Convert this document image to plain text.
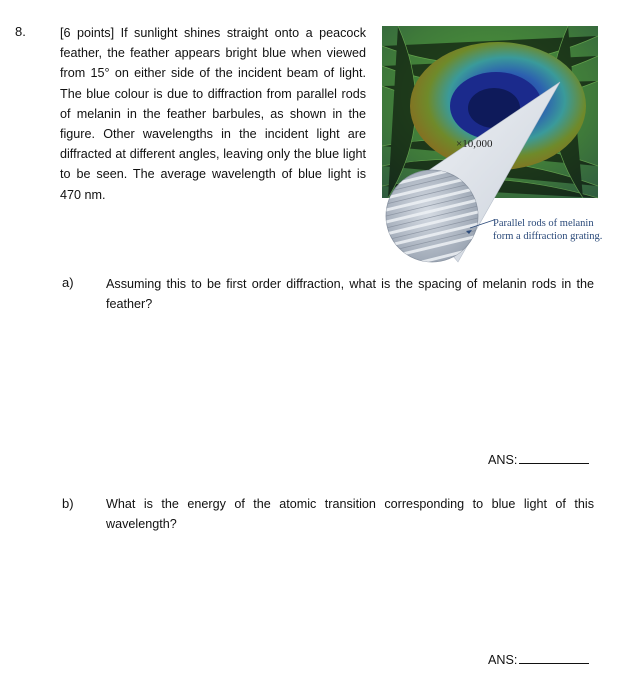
8.	[6 points] If sunlight shines straight onto a peacock feather, the feather appears bright blue when viewed from 15° on either side of the incident beam of light. The blue colour is due to diffraction from parallel rods of melanin in the feather barbules, as shown in the figure. Other wavelengths in the incident light are diffracted at different angles, leaving only the blue light to be seen. The average wavelength of blue light is 470 nm.
×10,000
Parallel rods of melanin form a diffraction grating.
a)	Assuming this to be first order diffraction, what is the spacing of melanin rods in the feather?
ANS:
b)	What is the energy of the atomic transition corresponding to blue light of this wavelength?
ANS:
